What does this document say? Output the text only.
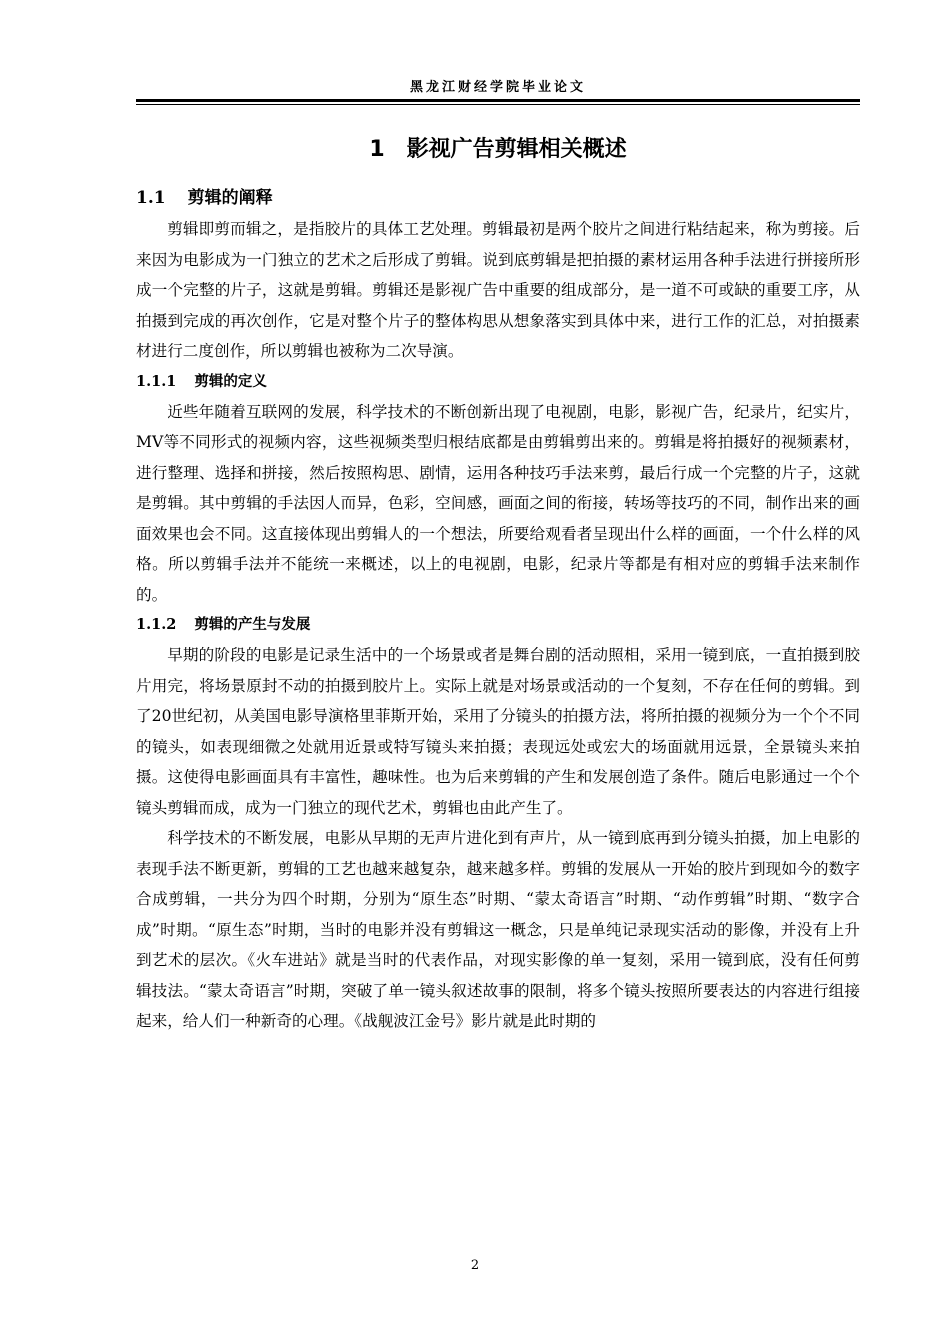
黑龙江财经学院毕业论文
1 影视广告剪辑相关概述
1.1 剪辑的阐释

剪辑即剪而辑之，是指胶片的具体工艺处理。剪辑最初是两个胶片之间进行粘结起来，称为剪接。后来因为电影成为一门独立的艺术之后形成了剪辑。说到底剪辑是把拍摄的素材运用各种手法进行拼接所形成一个完整的片子，这就是剪辑。剪辑还是影视广告中重要的组成部分，是一道不可或缺的重要工序，从拍摄到完成的再次创作，它是对整个片子的整体构思从想象落实到具体中来，进行工作的汇总，对拍摄素材进行二度创作，所以剪辑也被称为二次导演。

1.1.1 剪辑的定义

近些年随着互联网的发展，科学技术的不断创新出现了电视剧，电影，影视广告，纪录片，纪实片，MV等不同形式的视频内容，这些视频类型归根结底都是由剪辑剪出来的。剪辑是将拍摄好的视频素材，进行整理、选择和拼接，然后按照构思、剧情，运用各种技巧手法来剪，最后行成一个完整的片子，这就是剪辑。其中剪辑的手法因人而异，色彩，空间感，画面之间的衔接，转场等技巧的不同，制作出来的画面效果也会不同。这直接体现出剪辑人的一个想法，所要给观看者呈现出什么样的画面，一个什么样的风格。所以剪辑手法并不能统一来概述，以上的电视剧，电影，纪录片等都是有相对应的剪辑手法来制作的。

1.1.2 剪辑的产生与发展

早期的阶段的电影是记录生活中的一个场景或者是舞台剧的活动照相，采用一镜到底，一直拍摄到胶片用完，将场景原封不动的拍摄到胶片上。实际上就是对场景或活动的一个复刻，不存在任何的剪辑。到了20世纪初，从美国电影导演格里菲斯开始，采用了分镜头的拍摄方法，将所拍摄的视频分为一个个不同的镜头，如表现细微之处就用近景或特写镜头来拍摄；表现远处或宏大的场面就用远景，全景镜头来拍摄。这使得电影画面具有丰富性，趣味性。也为后来剪辑的产生和发展创造了条件。随后电影通过一个个镜头剪辑而成，成为一门独立的现代艺术，剪辑也由此产生了。

科学技术的不断发展，电影从早期的无声片进化到有声片，从一镜到底再到分镜头拍摄，加上电影的表现手法不断更新，剪辑的工艺也越来越复杂，越来越多样。剪辑的发展从一开始的胶片到现如今的数字合成剪辑，一共分为四个时期，分别为“原生态”时期、“蒙太奇语言”时期、“动作剪辑”时期、“数字合成”时期。“原生态”时期，当时的电影并没有剪辑这一概念，只是单纯记录现实活动的影像，并没有上升到艺术的层次。《火车进站》就是当时的代表作品，对现实影像的单一复刻，采用一镜到底，没有任何剪辑技法。“蒙太奇语言”时期，突破了单一镜头叙述故事的限制，将多个镜头按照所要表达的内容进行组接起来，给人们一种新奇的心理。《战舰波江金号》影片就是此时期的

2
